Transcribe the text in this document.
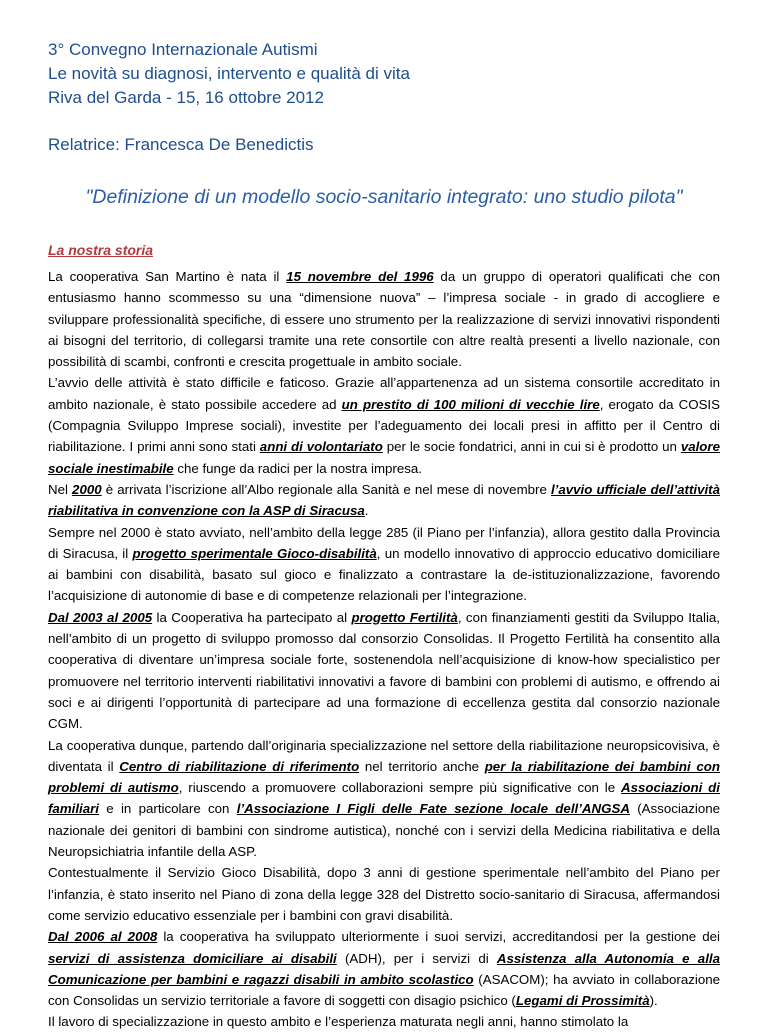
3° Convegno Internazionale Autismi
Le novità su diagnosi, intervento e qualità di vita
Riva del Garda - 15, 16 ottobre 2012
Relatrice: Francesca De Benedictis
"Definizione di un modello socio-sanitario integrato: uno studio pilota"
La nostra storia

La cooperativa San Martino è nata il 15 novembre del 1996 da un gruppo di operatori qualificati che con entusiasmo hanno scommesso su una “dimensione nuova” – l’impresa sociale - in grado di accogliere e sviluppare professionalità specifiche, di essere uno strumento per la realizzazione di servizi innovativi rispondenti ai bisogni del territorio, di collegarsi tramite una rete consortile con altre realtà presenti a livello nazionale, con possibilità di scambi, confronti e crescita progettuale in ambito sociale.

L’avvio delle attività è stato difficile e faticoso. Grazie all’appartenenza ad un sistema consortile accreditato in ambito nazionale, è stato possibile accedere ad un prestito di 100 milioni di vecchie lire, erogato da COSIS (Compagnia Sviluppo Imprese sociali), investite per l’adeguamento dei locali presi in affitto per il Centro di riabilitazione. I primi anni sono stati anni di volontariato per le socie fondatrici, anni in cui si è prodotto un valore sociale inestimabile che funge da radici per la nostra impresa.

Nel 2000 è arrivata l’iscrizione all’Albo regionale alla Sanità e nel mese di novembre l’avvio ufficiale dell’attività riabilitativa in convenzione con la ASP di Siracusa.

Sempre nel 2000 è stato avviato, nell’ambito della legge 285 (il Piano per l’infanzia), allora gestito dalla Provincia di Siracusa, il progetto sperimentale Gioco-disabilità, un modello innovativo di approccio educativo domiciliare ai bambini con disabilità, basato sul gioco e finalizzato a contrastare la de-istituzionalizzazione, favorendo l’acquisizione di autonomie di base e di competenze relazionali per l’integrazione.

Dal 2003 al 2005 la Cooperativa ha partecipato al progetto Fertilità, con finanziamenti gestiti da Sviluppo Italia, nell’ambito di un progetto di sviluppo promosso dal consorzio Consolidas. Il Progetto Fertilità ha consentito alla cooperativa di diventare un’impresa sociale forte, sostenendola nell’acquisizione di know-how specialistico per promuovere nel territorio interventi riabilitativi innovativi a favore di bambini con problemi di autismo, e offrendo ai soci e ai dirigenti l’opportunità di partecipare ad una formazione di eccellenza gestita dal consorzio nazionale CGM.

La cooperativa dunque, partendo dall’originaria specializzazione nel settore della riabilitazione neuropsicovisiva, è diventata il Centro di riabilitazione di riferimento nel territorio anche per la riabilitazione dei bambini con problemi di autismo, riuscendo a promuovere collaborazioni sempre più significative con le Associazioni di familiari e in particolare con l’Associazione I Figli delle Fate sezione locale dell’ANGSA (Associazione nazionale dei genitori di bambini con sindrome autistica), nonché con i servizi della Medicina riabilitativa e della Neuropsichiatria infantile della ASP.

Contestualmente il Servizio Gioco Disabilità, dopo 3 anni di gestione sperimentale nell’ambito del Piano per l’infanzia, è stato inserito nel Piano di zona della legge 328 del Distretto socio-sanitario di Siracusa, affermandosi come servizio educativo essenziale per i bambini con gravi disabilità.

Dal 2006 al 2008 la cooperativa ha sviluppato ulteriormente i suoi servizi, accreditandosi per la gestione dei servizi di assistenza domiciliare ai disabili (ADH), per i servizi di Assistenza alla Autonomia e alla Comunicazione per bambini e ragazzi disabili in ambito scolastico (ASACOM); ha avviato in collaborazione con Consolidas un servizio territoriale a favore di soggetti con disagio psichico (Legami di Prossimità).

Il lavoro di specializzazione in questo ambito e l’esperienza maturata negli anni, hanno stimolato la
